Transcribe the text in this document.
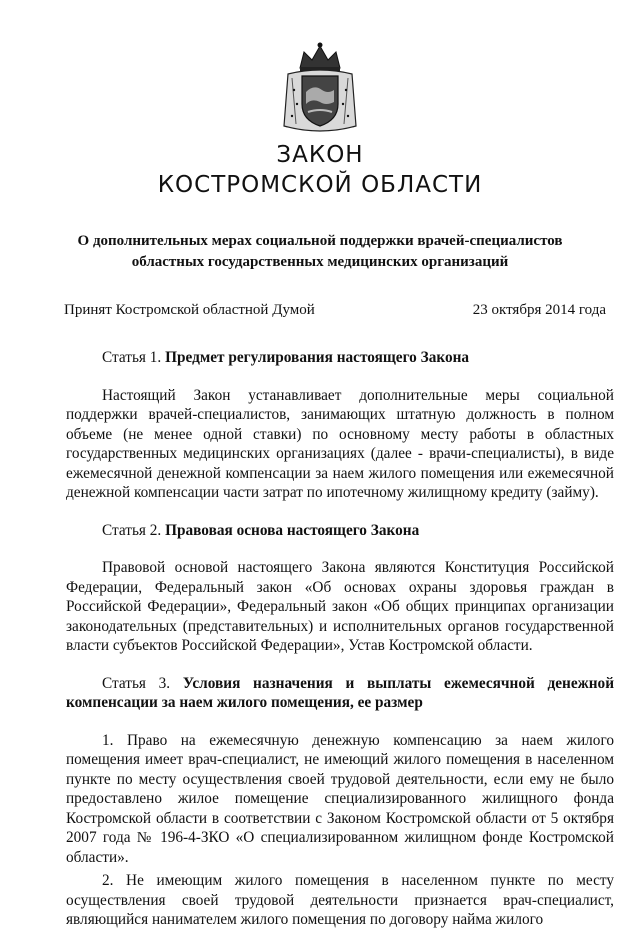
ЗАКОН
КОСТРОМСКОЙ ОБЛАСТИ
О дополнительных мерах социальной поддержки врачей-специалистов
областных государственных медицинских организаций
Принят Костромской областной Думой	23 октября 2014 года

Статья 1. Предмет регулирования настоящего Закона

Настоящий Закон устанавливает дополнительные меры социальной поддержки врачей-специалистов, занимающих штатную должность в полном объеме (не менее одной ставки) по основному месту работы в областных государственных медицинских организациях (далее - врачи-специалисты), в виде ежемесячной денежной компенсации за наем жилого помещения или ежемесячной денежной компенсации части затрат по ипотечному жилищному кредиту (займу).

Статья 2. Правовая основа настоящего Закона

Правовой основой настоящего Закона являются Конституция Российской Федерации, Федеральный закон «Об основах охраны здоровья граждан в Российской Федерации», Федеральный закон «Об общих принципах организации законодательных (представительных) и исполнительных органов государственной власти субъектов Российской Федерации», Устав Костромской области.

Статья 3. Условия назначения и выплаты ежемесячной денежной компенсации за наем жилого помещения, ее размер

1. Право на ежемесячную денежную компенсацию за наем жилого помещения имеет врач-специалист, не имеющий жилого помещения в населенном пункте по месту осуществления своей трудовой деятельности, если ему не было предоставлено жилое помещение специализированного жилищного фонда Костромской области в соответствии с Законом Костромской области от 5 октября 2007 года № 196-4-ЗКО «О специализированном жилищном фонде Костромской области».

2. Не имеющим жилого помещения в населенном пункте по месту осуществления своей трудовой деятельности признается врач-специалист, являющийся нанимателем жилого помещения по договору найма жилого
